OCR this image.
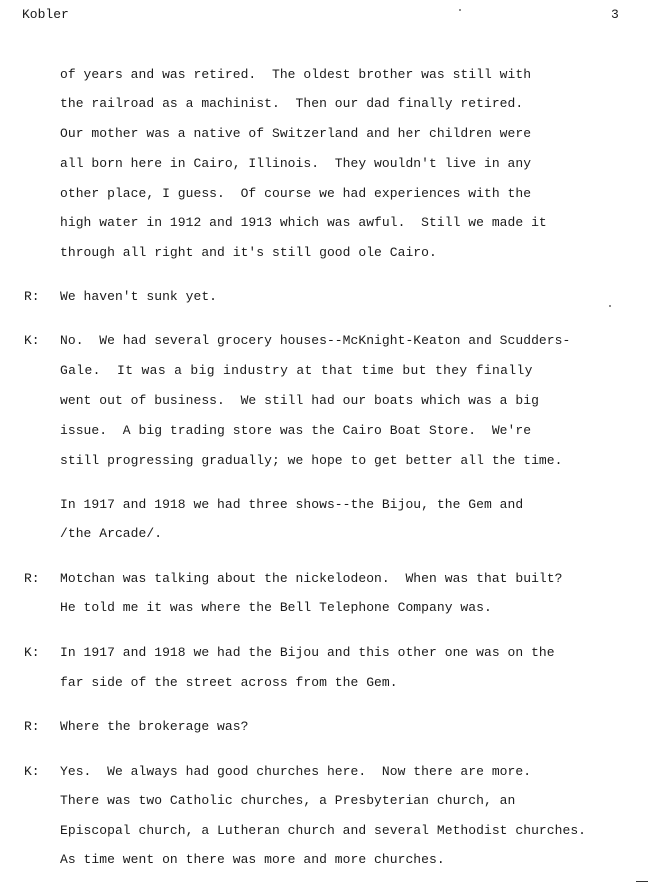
Kobler	3
of years and was retired.  The oldest brother was still with
the railroad as a machinist.  Then our dad finally retired.
Our mother was a native of Switzerland and her children were
all born here in Cairo, Illinois.  They wouldn't live in any
other place, I guess.  Of course we had experiences with the
high water in 1912 and 1913 which was awful.  Still we made it
through all right and it's still good ole Cairo.
R: We haven't sunk yet.
K: No.  We had several grocery houses--McKnight-Keaton and Scudders-
Gale.  It was a big industry at that time but they finally
went out of business.  We still had our boats which was a big
issue.  A big trading store was the Cairo Boat Store.  We're
still progressing gradually; we hope to get better all the time.
In 1917 and 1918 we had three shows--the Bijou, the Gem and
/the Arcade/.
R: Motchan was talking about the nickelodeon.  When was that built?
He told me it was where the Bell Telephone Company was.
K: In 1917 and 1918 we had the Bijou and this other one was on the
far side of the street across from the Gem.
R: Where the brokerage was?
K: Yes.  We always had good churches here.  Now there are more.
There was two Catholic churches, a Presbyterian church, an
Episcopal church, a Lutheran church and several Methodist churches.
As time went on there was more and more churches.
